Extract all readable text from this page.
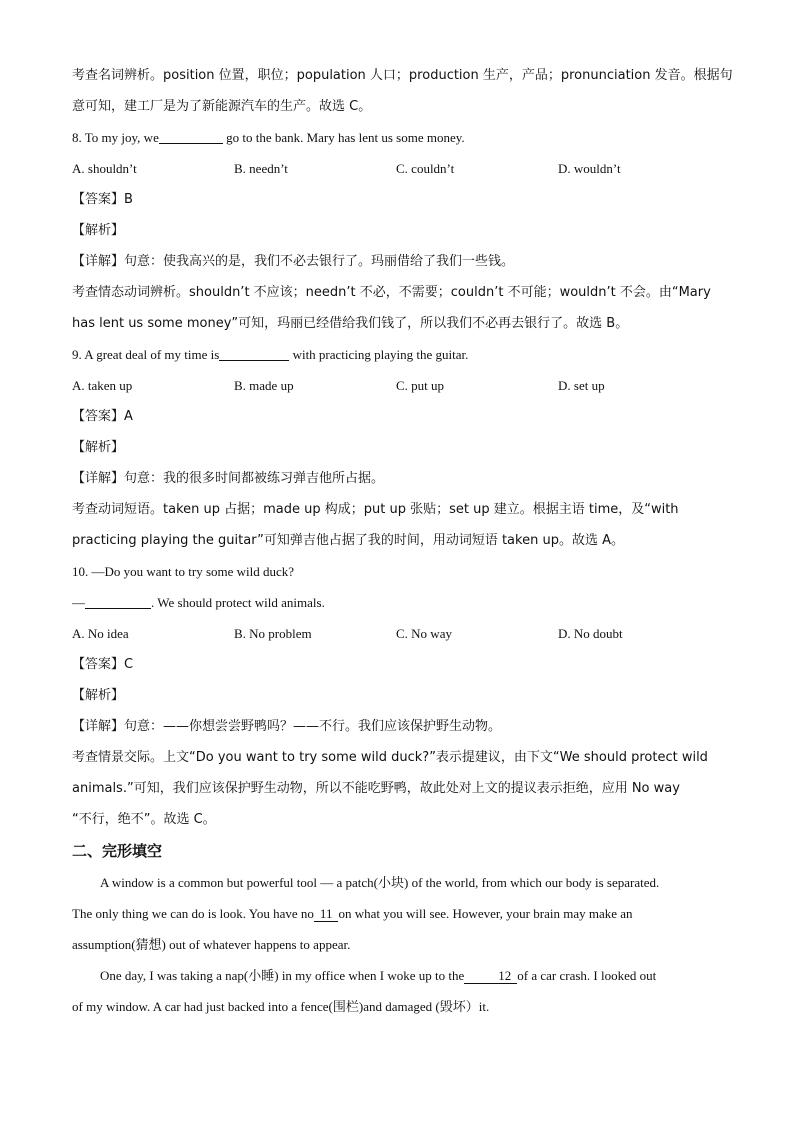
考查名词辨析。position 位置，职位；population 人口；production 生产，产品；pronunciation 发音。根据句
意可知，建工厂是为了新能源汽车的生产。故选 C。
8. To my joy, we	go to the bank. Mary has lent us some money.
A. shouldn’t	B. needn’t	C. couldn’t	D. wouldn’t
【答案】B
【解析】
【详解】句意：使我高兴的是，我们不必去银行了。玛丽借给了我们一些钱。
考查情态动词辨析。shouldn’t 不应该；needn’t 不必，不需要；couldn’t 不可能；wouldn’t 不会。由“Mary
has lent us some money”可知，玛丽已经借给我们钱了，所以我们不必再去银行了。故选 B。
9. A great deal of my time is	with practicing playing the guitar.
A. taken up	B. made up	C. put up	D. set up
【答案】A
【解析】
【详解】句意：我的很多时间都被练习弹吉他所占据。
考查动词短语。taken up 占据；made up 构成；put up 张贴；set up 建立。根据主语 time，及“with
practicing playing the guitar”可知弹吉他占据了我的时间，用动词短语 taken up。故选 A。
10. —Do you want to try some wild duck?
—	. We should protect wild animals.
A. No idea	B. No problem	C. No way	D. No doubt
【答案】C
【解析】
【详解】句意：——你想尝尝野鸭吗？——不行。我们应该保护野生动物。
考查情景交际。上文“Do you want to try some wild duck?”表示提建议，由下文“We should protect wild
animals.”可知，我们应该保护野生动物，所以不能吃野鸭，故此处对上文的提议表示拒绝，应用 No way
“不行，绝不”。故选 C。
二、完形填空
A window is a common but powerful tool — a patch(小块) of the world, from which our body is separated.
The only thing we can do is look. You have no 11 on what you will see. However, your brain may make an
assumption(猜想) out of whatever happens to appear.
One day, I was taking a nap(小睡) in my office when I woke up to the	12 of a car crash. I looked out
of my window. A car had just backed into a fence(围栏)and damaged (毁坏）it.
